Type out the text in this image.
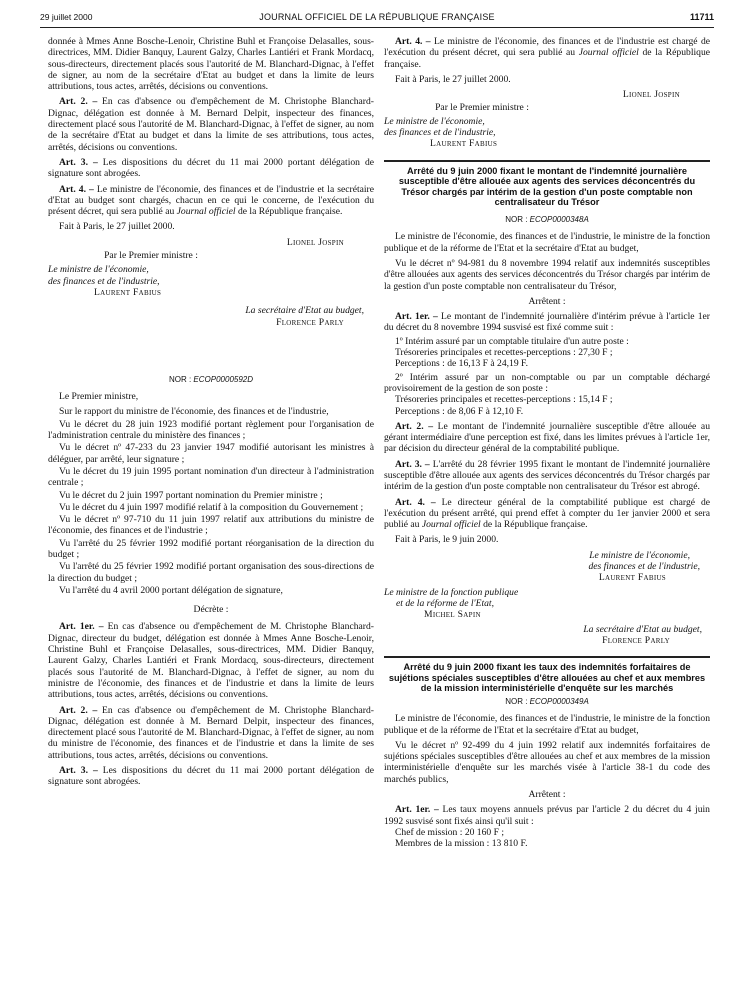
29 juillet 2000	JOURNAL OFFICIEL DE LA RÉPUBLIQUE FRANÇAISE	11711

donnée à Mmes Anne Bosche-Lenoir, Christine Buhl et Françoise Delasalles, sous-directrices, MM. Didier Banquy, Laurent Galzy, Charles Lantiéri et Frank Mordacq, sous-directeurs, directement placés sous l'autorité de M. Blanchard-Dignac, à l'effet de signer, au nom de la secrétaire d'Etat au budget et dans la limite de leurs attributions, tous actes, arrêtés, décisions ou conventions.

Art. 2. – En cas d'absence ou d'empêchement de M. Christophe Blanchard-Dignac, délégation est donnée à M. Bernard Delpit, inspecteur des finances, directement placé sous l'autorité de M. Blanchard-Dignac, à l'effet de signer, au nom de la secrétaire d'Etat au budget et dans la limite de ses attributions, tous actes, arrêtés, décisions ou conventions.

Art. 3. – Les dispositions du décret du 11 mai 2000 portant délégation de signature sont abrogées.

Art. 4. – Le ministre de l'économie, des finances et de l'industrie et la secrétaire d'Etat au budget sont chargés, chacun en ce qui le concerne, de l'exécution du présent décret, qui sera publié au Journal officiel de la République française.

Fait à Paris, le 27 juillet 2000.

Lionel Jospin
Par le Premier ministre :
Le ministre de l'économie,
des finances et de l'industrie,
Laurent Fabius
La secrétaire d'Etat au budget,
Florence Parly
NOR : ECOP0000592D

Le Premier ministre,

Sur le rapport du ministre de l'économie, des finances et de l'industrie,

Vu le décret du 28 juin 1923 modifié portant règlement pour l'organisation de l'administration centrale du ministère des finances ;

Vu le décret nº 47-233 du 23 janvier 1947 modifié autorisant les ministres à déléguer, par arrêté, leur signature ;

Vu le décret du 19 juin 1995 portant nomination d'un directeur à l'administration centrale ;

Vu le décret du 2 juin 1997 portant nomination du Premier ministre ;

Vu le décret du 4 juin 1997 modifié relatif à la composition du Gouvernement ;

Vu le décret nº 97-710 du 11 juin 1997 relatif aux attributions du ministre de l'économie, des finances et de l'industrie ;

Vu l'arrêté du 25 février 1992 modifié portant réorganisation de la direction du budget ;

Vu l'arrêté du 25 février 1992 modifié portant organisation des sous-directions de la direction du budget ;

Vu l'arrêté du 4 avril 2000 portant délégation de signature,

Décrète :

Art. 1er. – En cas d'absence ou d'empêchement de M. Christophe Blanchard-Dignac, directeur du budget, délégation est donnée à Mmes Anne Bosche-Lenoir, Christine Buhl et Françoise Delasalles, sous-directrices, MM. Didier Banquy, Laurent Galzy, Charles Lantiéri et Frank Mordacq, sous-directeurs, directement placés sous l'autorité de M. Blanchard-Dignac, à l'effet de signer, au nom du ministre de l'économie, des finances et de l'industrie et dans la limite de leurs attributions, tous actes, arrêtés, décisions ou conventions.

Art. 2. – En cas d'absence ou d'empêchement de M. Christophe Blanchard-Dignac, délégation est donnée à M. Bernard Delpit, inspecteur des finances, directement placé sous l'autorité de M. Blanchard-Dignac, à l'effet de signer, au nom du ministre de l'économie, des finances et de l'industrie et dans la limite de ses attributions, tous actes, arrêtés, décisions ou conventions.

Art. 3. – Les dispositions du décret du 11 mai 2000 portant délégation de signature sont abrogées.

Art. 4. – Le ministre de l'économie, des finances et de l'industrie est chargé de l'exécution du présent décret, qui sera publié au Journal officiel de la République française.

Fait à Paris, le 27 juillet 2000.

Lionel Jospin
Par le Premier ministre :
Le ministre de l'économie,
des finances et de l'industrie,
Laurent Fabius
Arrêté du 9 juin 2000 fixant le montant de l'indemnité journalière susceptible d'être allouée aux agents des services déconcentrés du Trésor chargés par intérim de la gestion d'un poste comptable non centralisateur du Trésor
NOR : ECOP0000348A

Le ministre de l'économie, des finances et de l'industrie, le ministre de la fonction publique et de la réforme de l'Etat et la secrétaire d'Etat au budget,

Vu le décret nº 94-981 du 8 novembre 1994 relatif aux indemnités susceptibles d'être allouées aux agents des services déconcentrés du Trésor chargés par intérim de la gestion d'un poste comptable non centralisateur du Trésor,

Arrêtent :

Art. 1er. – Le montant de l'indemnité journalière d'intérim prévue à l'article 1er du décret du 8 novembre 1994 susvisé est fixé comme suit :

1º Intérim assuré par un comptable titulaire d'un autre poste :

Trésoreries principales et recettes-perceptions : 27,30 F ;

Perceptions : de 16,13 F à 24,19 F.

2º Intérim assuré par un non-comptable ou par un comptable déchargé provisoirement de la gestion de son poste :

Trésoreries principales et recettes-perceptions : 15,14 F ;

Perceptions : de 8,06 F à 12,10 F.

Art. 2. – Le montant de l'indemnité journalière susceptible d'être allouée au gérant intermédiaire d'une perception est fixé, dans les limites prévues à l'article 1er, par décision du directeur général de la comptabilité publique.

Art. 3. – L'arrêté du 28 février 1995 fixant le montant de l'indemnité journalière susceptible d'être allouée aux agents des services déconcentrés du Trésor chargés par intérim de la gestion d'un poste comptable non centralisateur du Trésor est abrogé.

Art. 4. – Le directeur général de la comptabilité publique est chargé de l'exécution du présent arrêté, qui prend effet à compter du 1er janvier 2000 et sera publié au Journal officiel de la République française.

Fait à Paris, le 9 juin 2000.

Le ministre de l'économie,
des finances et de l'industrie,
Laurent Fabius
Le ministre de la fonction publique
et de la réforme de l'Etat,
Michel Sapin
La secrétaire d'Etat au budget,
Florence Parly
Arrêté du 9 juin 2000 fixant les taux des indemnités forfaitaires de sujétions spéciales susceptibles d'être allouées au chef et aux membres de la mission interministérielle d'enquête sur les marchés
NOR : ECOP0000349A

Le ministre de l'économie, des finances et de l'industrie, le ministre de la fonction publique et de la réforme de l'Etat et la secrétaire d'Etat au budget,

Vu le décret nº 92-499 du 4 juin 1992 relatif aux indemnités forfaitaires de sujétions spéciales susceptibles d'être allouées au chef et aux membres de la mission interministérielle d'enquête sur les marchés visée à l'article 38-1 du code des marchés publics,

Arrêtent :

Art. 1er. – Les taux moyens annuels prévus par l'article 2 du décret du 4 juin 1992 susvisé sont fixés ainsi qu'il suit :

Chef de mission : 20 160 F ;

Membres de la mission : 13 810 F.
